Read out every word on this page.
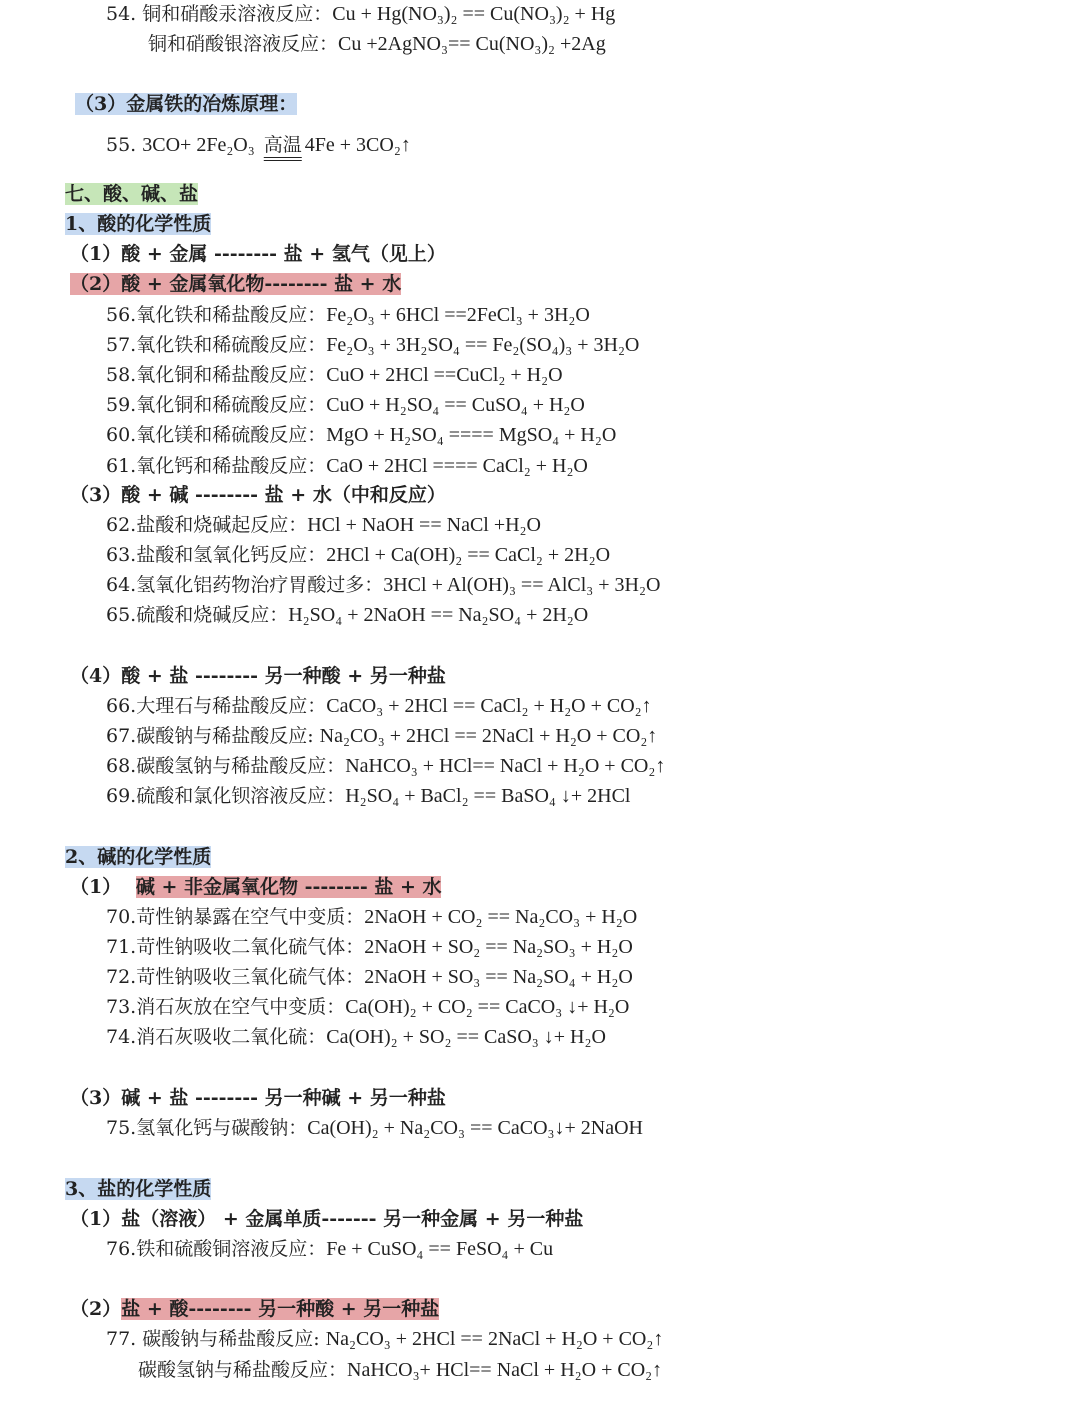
54. 铜和硝酸汞溶液反应：Cu + Hg(NO₃)₂ == Cu(NO₃)₂ + Hg
铜和硝酸银溶液反应：Cu +2AgNO₃== Cu(NO₃)₂ +2Ag
（3）金属铁的冶炼原理：
55. 3CO+ 2Fe₂O₃ 高温 4Fe + 3CO₂↑
七、酸、碱、盐
1、酸的化学性质
（1）酸 + 金属 -------- 盐 + 氢气（见上）
（2）酸 + 金属氧化物-------- 盐 + 水
56.氧化铁和稀盐酸反应：Fe₂O₃ + 6HCl ==2FeCl₃ + 3H₂O
57.氧化铁和稀硫酸反应：Fe₂O₃ + 3H₂SO₄ == Fe₂(SO₄)₃ + 3H₂O
58.氧化铜和稀盐酸反应：CuO + 2HCl ==CuCl₂ + H₂O
59.氧化铜和稀硫酸反应：CuO + H₂SO₄ == CuSO₄ + H₂O
60.氧化镁和稀硫酸反应：MgO + H₂SO₄ ==== MgSO₄ + H₂O
61.氧化钙和稀盐酸反应：CaO + 2HCl ==== CaCl₂ + H₂O
（3）酸 + 碱 -------- 盐 + 水（中和反应）
62.盐酸和烧碱起反应：HCl + NaOH == NaCl +H₂O
63.盐酸和氢氧化钙反应：2HCl + Ca(OH)₂ == CaCl₂ + 2H₂O
64.氢氧化铝药物治疗胃酸过多：3HCl + Al(OH)₃ == AlCl₃ + 3H₂O
65.硫酸和烧碱反应：H₂SO₄ + 2NaOH == Na₂SO₄ + 2H₂O
（4）酸 + 盐 -------- 另一种酸 + 另一种盐
66.大理石与稀盐酸反应：CaCO₃ + 2HCl == CaCl₂ + H₂O + CO₂↑
67.碳酸钠与稀盐酸反应: Na₂CO₃ + 2HCl == 2NaCl + H₂O + CO₂↑
68.碳酸氢钠与稀盐酸反应：NaHCO₃ + HCl== NaCl + H₂O + CO₂↑
69.硫酸和氯化钡溶液反应：H₂SO₄ + BaCl₂ == BaSO₄ ↓+ 2HCl
2、碱的化学性质
（1） 碱 + 非金属氧化物 -------- 盐 + 水
70.苛性钠暴露在空气中变质：2NaOH + CO₂ == Na₂CO₃ + H₂O
71.苛性钠吸收二氧化硫气体：2NaOH + SO₂ == Na₂SO₃ + H₂O
72.苛性钠吸收三氧化硫气体：2NaOH + SO₃ == Na₂SO₄ + H₂O
73.消石灰放在空气中变质：Ca(OH)₂ + CO₂ == CaCO₃ ↓+ H₂O
74.消石灰吸收二氧化硫：Ca(OH)₂ + SO₂ == CaSO₃ ↓+ H₂O
（3）碱 + 盐 -------- 另一种碱 + 另一种盐
75.氢氧化钙与碳酸钠：Ca(OH)₂ + Na₂CO₃ == CaCO₃↓+ 2NaOH
3、盐的化学性质
（1）盐（溶液） + 金属单质------- 另一种金属 + 另一种盐
76.铁和硫酸铜溶液反应：Fe + CuSO₄ == FeSO₄ + Cu
（2）盐 + 酸-------- 另一种酸 + 另一种盐
77. 碳酸钠与稀盐酸反应: Na₂CO₃ + 2HCl == 2NaCl + H₂O + CO₂↑
碳酸氢钠与稀盐酸反应：NaHCO₃+ HCl== NaCl + H₂O + CO₂↑
